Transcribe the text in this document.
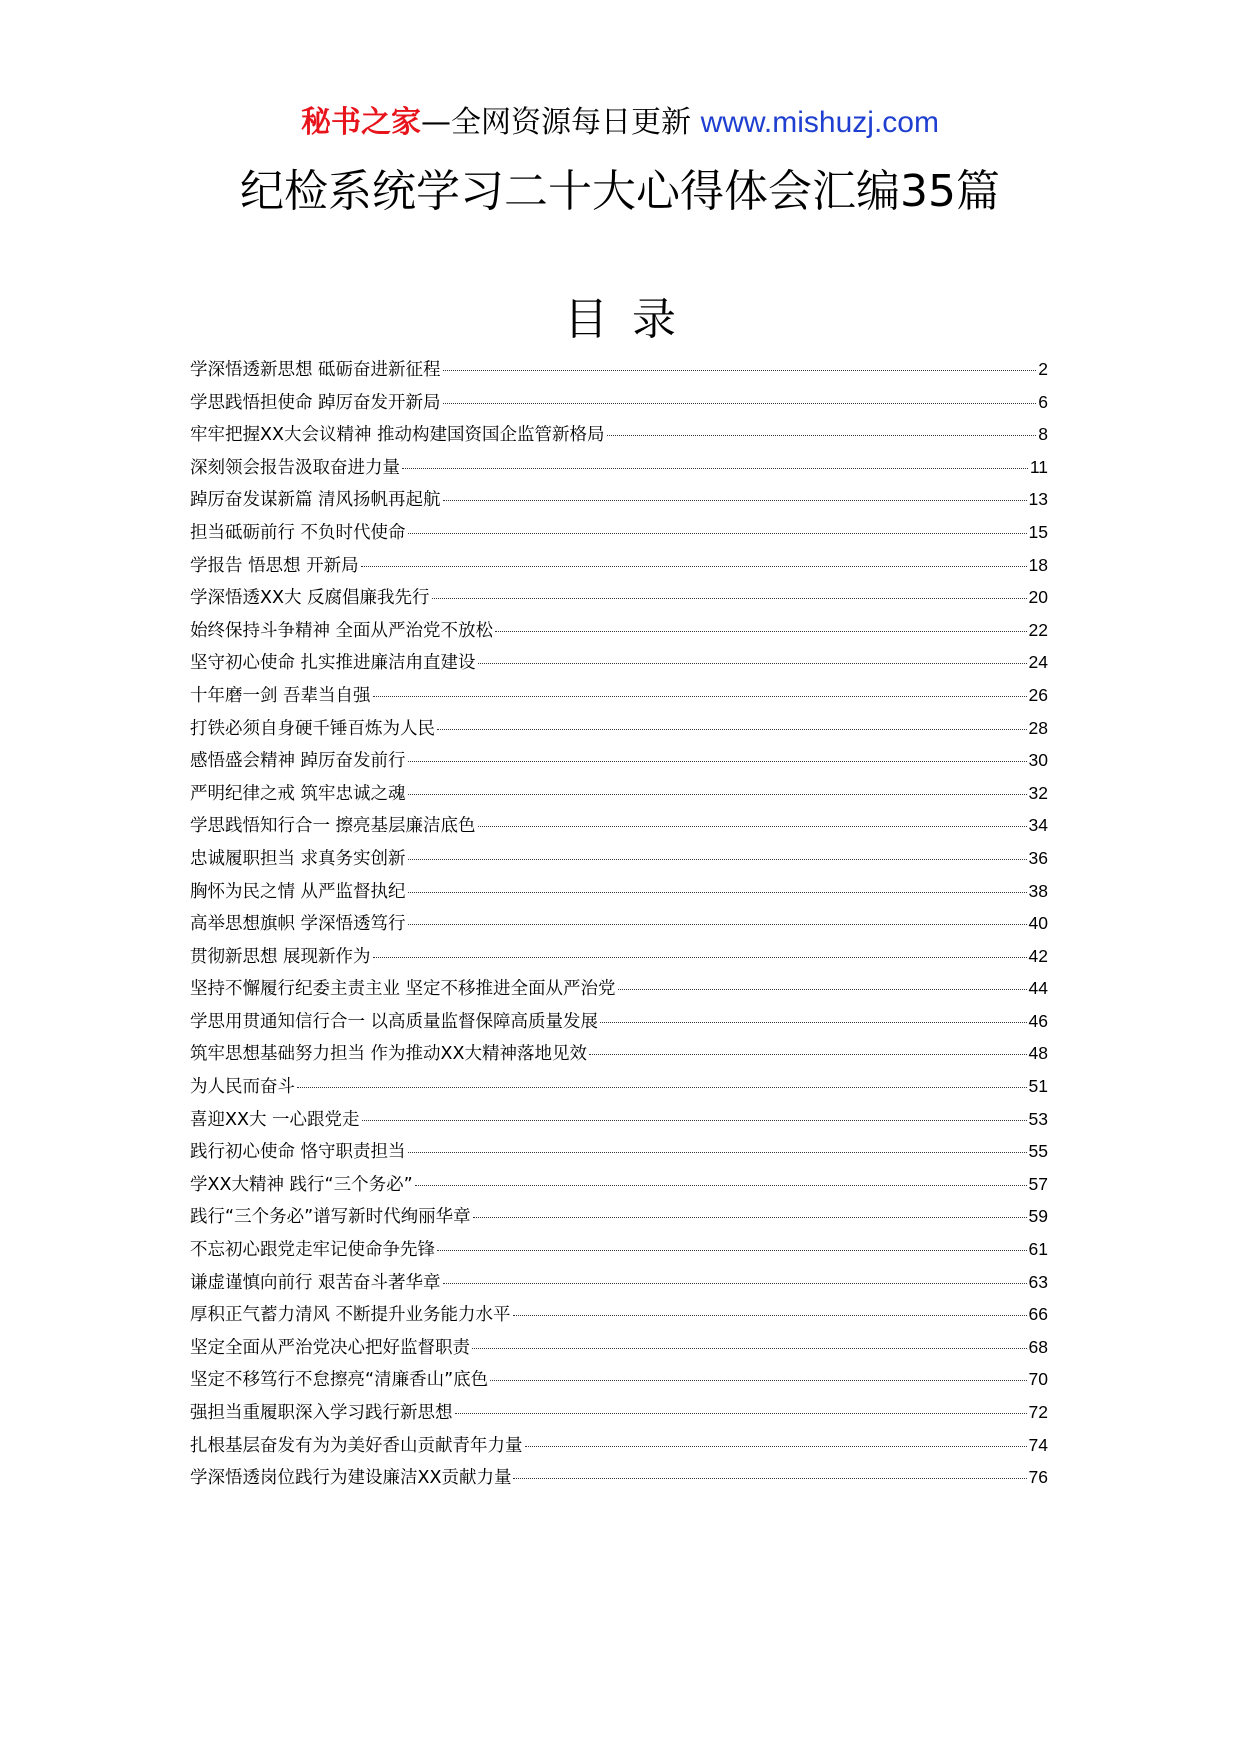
秘书之家—全网资源每日更新 www.mishuzj.com
纪检系统学习二十大心得体会汇编35篇
目录
学深悟透新思想 砥砺奋进新征程	2
学思践悟担使命 踔厉奋发开新局	6
牢牢把握XX大会议精神 推动构建国资国企监管新格局	8
深刻领会报告汲取奋进力量	11
踔厉奋发谋新篇 清风扬帆再起航	13
担当砥砺前行 不负时代使命	15
学报告 悟思想 开新局	18
学深悟透XX大 反腐倡廉我先行	20
始终保持斗争精神 全面从严治党不放松	22
坚守初心使命 扎实推进廉洁甪直建设	24
十年磨一剑 吾辈当自强	26
打铁必须自身硬千锤百炼为人民	28
感悟盛会精神 踔厉奋发前行	30
严明纪律之戒 筑牢忠诚之魂	32
学思践悟知行合一 擦亮基层廉洁底色	34
忠诚履职担当 求真务实创新	36
胸怀为民之情 从严监督执纪	38
高举思想旗帜 学深悟透笃行	40
贯彻新思想 展现新作为	42
坚持不懈履行纪委主责主业 坚定不移推进全面从严治党	44
学思用贯通知信行合一 以高质量监督保障高质量发展	46
筑牢思想基础努力担当 作为推动XX大精神落地见效	48
为人民而奋斗	51
喜迎XX大 一心跟党走	53
践行初心使命 恪守职责担当	55
学XX大精神 践行“三个务必”	57
践行“三个务必”谱写新时代绚丽华章	59
不忘初心跟党走牢记使命争先锋	61
谦虚谨慎向前行 艰苦奋斗著华章	63
厚积正气蓄力清风 不断提升业务能力水平	66
坚定全面从严治党决心把好监督职责	68
坚定不移笃行不怠擦亮“清廉香山”底色	70
强担当重履职深入学习践行新思想	72
扎根基层奋发有为为美好香山贡献青年力量	74
学深悟透岗位践行为建设廉洁XX贡献力量	76
